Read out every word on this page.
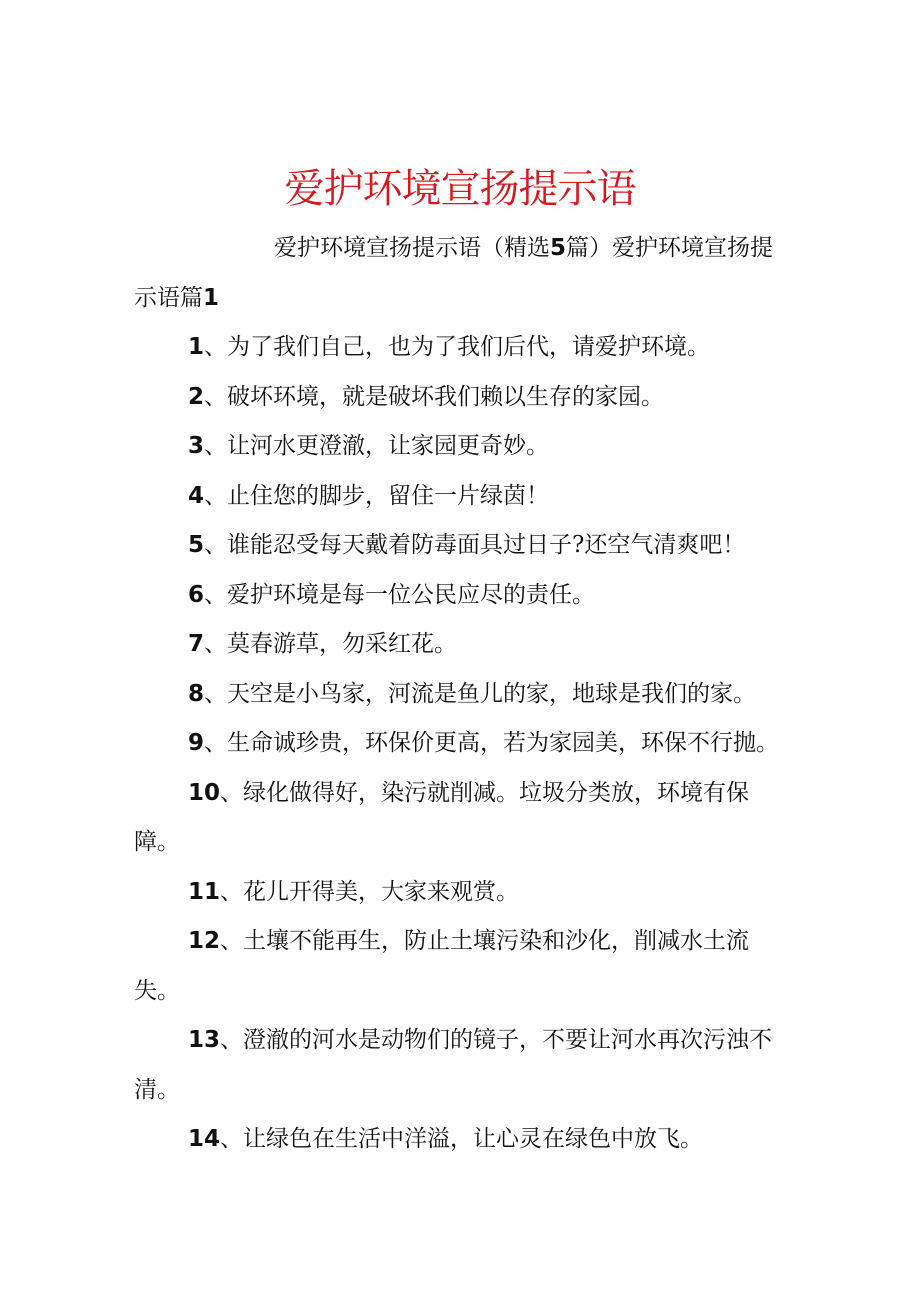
爱护环境宣扬提示语

爱护环境宣扬提示语（精选5篇）爱护环境宣扬提示语篇1

1、为了我们自己，也为了我们后代，请爱护环境。

2、破坏环境，就是破坏我们赖以生存的家园。

3、让河水更澄澈，让家园更奇妙。

4、止住您的脚步，留住一片绿茵！

5、谁能忍受每天戴着防毒面具过日子?还空气清爽吧！

6、爱护环境是每一位公民应尽的责任。

7、莫春游草，勿采红花。

8、天空是小鸟家，河流是鱼儿的家，地球是我们的家。

9、生命诚珍贵，环保价更高，若为家园美，环保不行抛。

10、绿化做得好，染污就削减。垃圾分类放，环境有保障。

11、花儿开得美，大家来观赏。

12、土壤不能再生，防止土壤污染和沙化，削减水土流失。

13、澄澈的河水是动物们的镜子，不要让河水再次污浊不清。

14、让绿色在生活中洋溢，让心灵在绿色中放飞。
